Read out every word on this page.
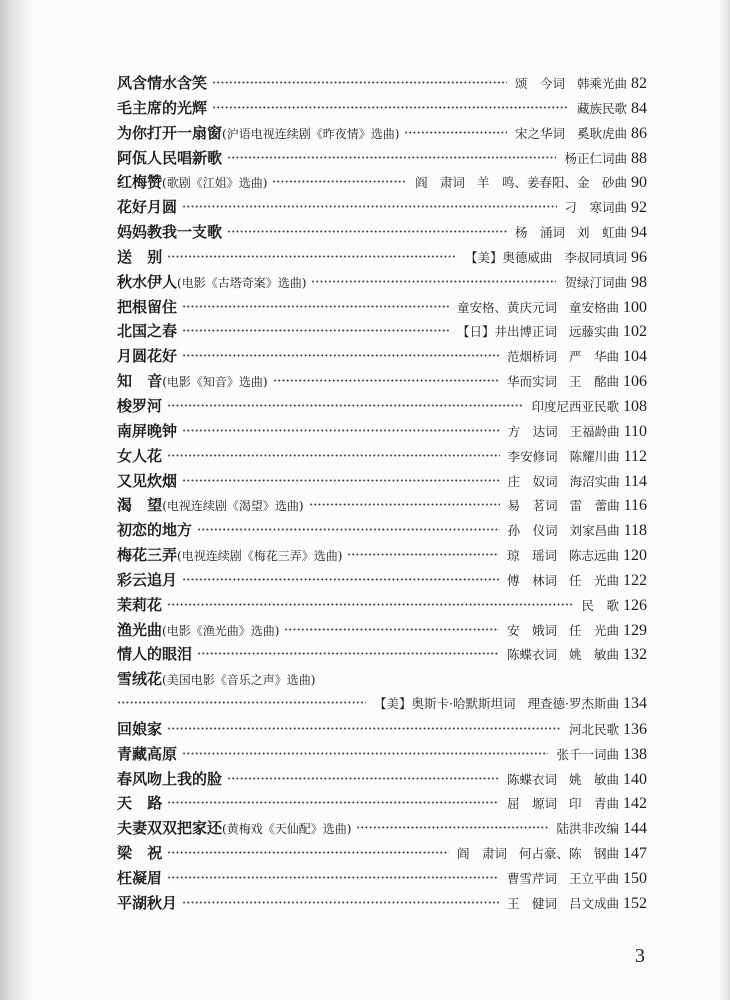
风含情水含笑	颂 今词 韩乘光曲 82
毛主席的光辉	藏族民歌 84
为你打开一扇窗 (沪语电视连续剧《昨夜情》选曲)	宋之华词 奚耿虎曲 86
阿佤人民唱新歌	杨正仁词曲 88
红梅赞 (歌剧《江姐》选曲)	阎 肃词 羊 鸣、姜春阳、金 砂曲 90
花好月圆	刁 寒词曲 92
妈妈教我一支歌	杨 涌词 刘 虹曲 94
送 别	【美】奥德威曲 李叔同填词 96
秋水伊人 (电影《古塔奇案》选曲)	贺绿汀词曲 98
把根留住	童安格、黄庆元词 童安格曲 100
北国之春	【日】井出博正词 远藤实曲 102
月圆花好	范烟桥词 严 华曲 104
知 音 (电影《知音》选曲)	华而实词 王 酩曲 106
梭罗河	印度尼西亚民歌 108
南屏晚钟	方 达词 王福龄曲 110
女人花	李安修词 陈耀川曲 112
又见炊烟	庄 奴词 海沼实曲 114
渴 望 (电视连续剧《渴望》选曲)	易 茗词 雷 蕾曲 116
初恋的地方	孙 仪词 刘家昌曲 118
梅花三弄 (电视连续剧《梅花三弄》选曲)	琼 瑶词 陈志远曲 120
彩云追月	傅 林词 任 光曲 122
茉莉花	民 歌 126
渔光曲 (电影《渔光曲》选曲)	安 娥词 任 光曲 129
情人的眼泪	陈蝶衣词 姚 敏曲 132
雪绒花 (美国电影《音乐之声》选曲)
【美】奥斯卡·哈默斯坦词 理查德·罗杰斯曲 134
回娘家	河北民歌 136
青藏高原	张千一词曲 138
春风吻上我的脸	陈蝶衣词 姚 敏曲 140
天 路	屈 塬词 印 青曲 142
夫妻双双把家还 (黄梅戏《天仙配》选曲)	陆洪非改编 144
梁 祝	阎 肃词 何占豪、陈 钢曲 147
枉凝眉	曹雪芹词 王立平曲 150
平湖秋月	王 健词 吕文成曲 152
3
